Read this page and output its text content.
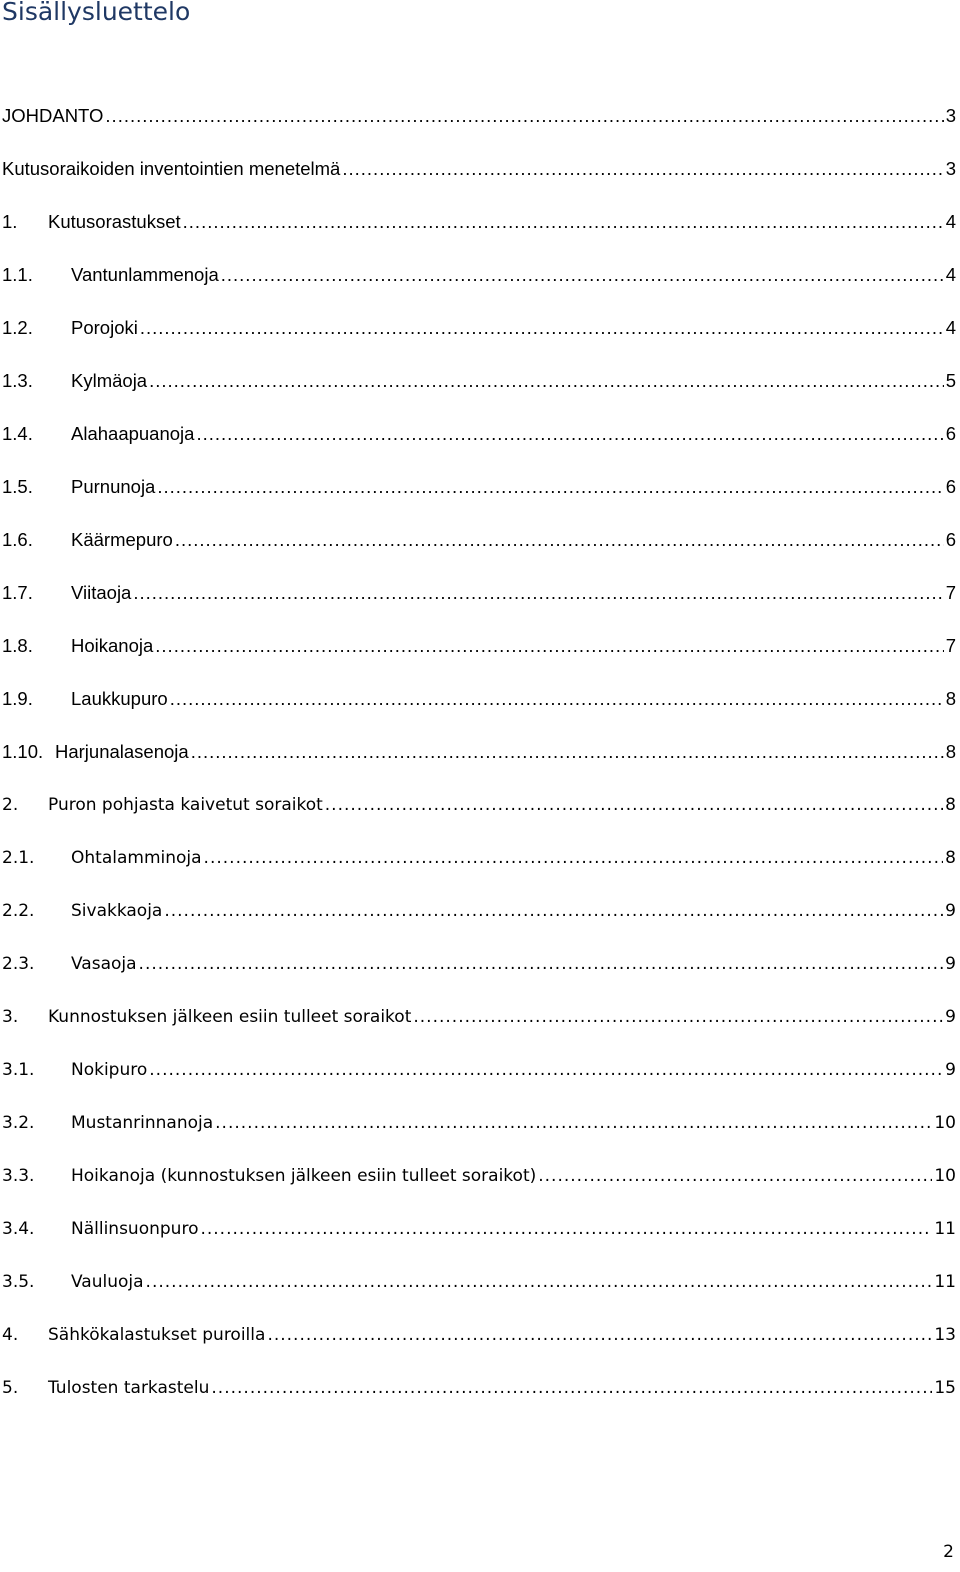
Sisällysluettelo
JOHDANTO .....	3
Kutusoraikoiden inventointien menetelmä .....	3
1.	Kutusorastukset .....	4
1.1.	Vantunlammenoja .....	4
1.2.	Porojoki .....	4
1.3.	Kylmäoja .....	5
1.4.	Alahaapuanoja .....	6
1.5.	Purnunoja .....	6
1.6.	Käärmepuro .....	6
1.7.	Viitaoja .....	7
1.8.	Hoikanoja .....	7
1.9.	Laukkupuro .....	8
1.10. Harjunalasenoja .....	8
2.	Puron pohjasta kaivetut soraikot .....	8
2.1.	Ohtalamminoja .....	8
2.2.	Sivakkaoja .....	9
2.3.	Vasaoja .....	9
3.	Kunnostuksen jälkeen esiin tulleet soraikot .....	9
3.1.	Nokipuro .....	9
3.2.	Mustanrinnanoja .....	10
3.3.	Hoikanoja (kunnostuksen jälkeen esiin tulleet soraikot) .....	10
3.4.	Nällinsuonpuro .....	11
3.5.	Vauluoja .....	11
4.	Sähkökalastukset puroilla .....	13
5.	Tulosten tarkastelu .....	15
2
